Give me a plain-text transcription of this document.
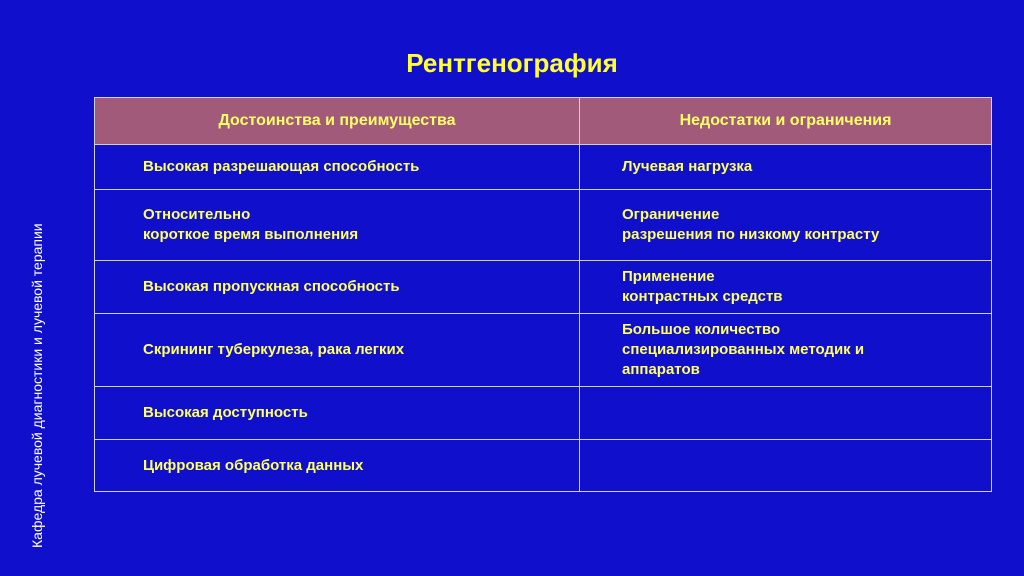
Кафедра лучевой диагностики и лучевой терапии
Рентгенография
Достоинства и преимущества	Недостатки и ограничения

Высокая разрешающая способность	Лучевая нагрузка

Относительно
короткое время выполнения	Ограничение
разрешения по низкому контрасту

Высокая пропускная способность	Применение
контрастных средств

Скрининг туберкулеза, рака легких	Большое количество
специализированных методик и
аппаратов

Высокая доступность	

Цифровая обработка данных	
